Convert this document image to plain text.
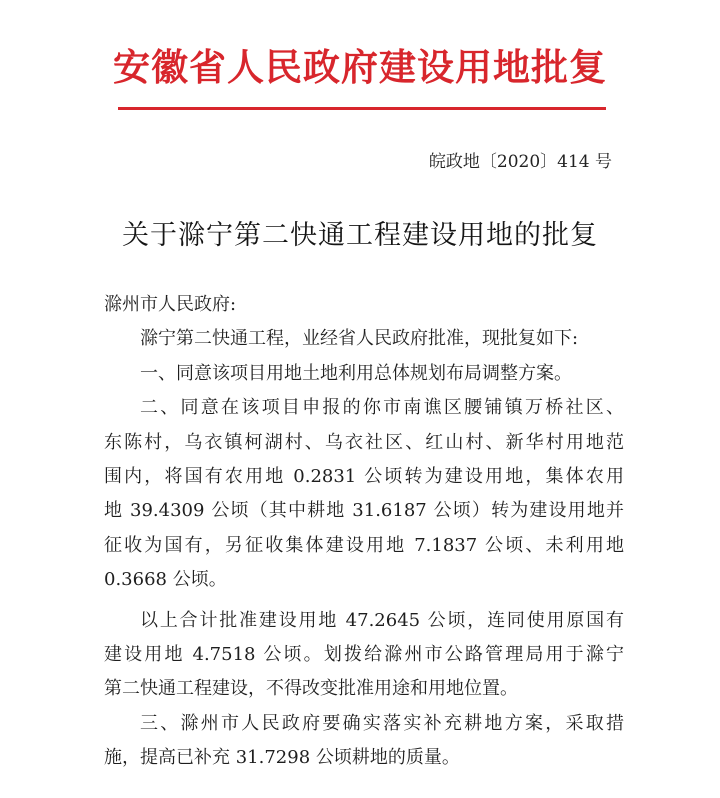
安徽省人民政府建设用地批复
皖政地〔2020〕414 号
关于滁宁第二快通工程建设用地的批复
滁州市人民政府:
滁宁第二快通工程，业经省人民政府批准，现批复如下:
一、同意该项目用地土地利用总体规划布局调整方案。
二、同意在该项目申报的你市南谯区腰铺镇万桥社区、
东陈村，乌衣镇柯湖村、乌衣社区、红山村、新华村用地范
围内，将国有农用地 0.2831 公顷转为建设用地，集体农用
地 39.4309 公顷（其中耕地 31.6187 公顷）转为建设用地并
征收为国有，另征收集体建设用地 7.1837 公顷、未利用地
0.3668 公顷。
以上合计批准建设用地 47.2645 公顷，连同使用原国有
建设用地 4.7518 公顷。划拨给滁州市公路管理局用于滁宁
第二快通工程建设，不得改变批准用途和用地位置。
三、滁州市人民政府要确实落实补充耕地方案，采取措
施，提高已补充 31.7298 公顷耕地的质量。
